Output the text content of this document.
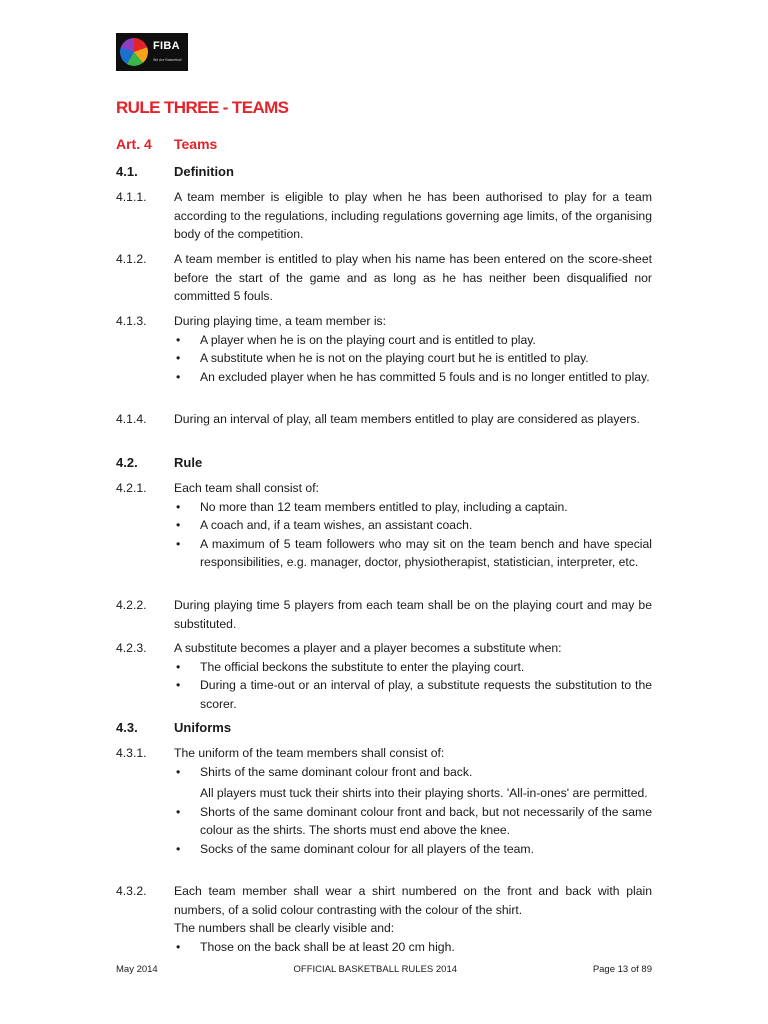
FIBA
We Are Basketball
RULE THREE - TEAMS
Art. 4 Teams
4.1.	Definition
4.1.1.	A team member is eligible to play when he has been authorised to play for a team according to the regulations, including regulations governing age limits, of the organising body of the competition.

4.1.2.	A team member is entitled to play when his name has been entered on the score-sheet before the start of the game and as long as he has neither been disqualified nor committed 5 fouls.

4.1.3.	During playing time, a team member is:

• A player when he is on the playing court and is entitled to play.
• A substitute when he is not on the playing court but he is entitled to play.
• An excluded player when he has committed 5 fouls and is no longer entitled to play.
4.1.4.	During an interval of play, all team members entitled to play are considered as players.

4.2.	Rule
4.2.1.	Each team shall consist of:

• No more than 12 team members entitled to play, including a captain.
• A coach and, if a team wishes, an assistant coach.
• A maximum of 5 team followers who may sit on the team bench and have special responsibilities, e.g. manager, doctor, physiotherapist, statistician, interpreter, etc.
4.2.2.	During playing time 5 players from each team shall be on the playing court and may be substituted.

4.2.3.	A substitute becomes a player and a player becomes a substitute when:

• The official beckons the substitute to enter the playing court.
• During a time-out or an interval of play, a substitute requests the substitution to the scorer.
4.3.	Uniforms
4.3.1.	The uniform of the team members shall consist of:

• Shirts of the same dominant colour front and back.

All players must tuck their shirts into their playing shorts. 'All-in-ones' are permitted.

• Shorts of the same dominant colour front and back, but not necessarily of the same colour as the shirts. The shorts must end above the knee.
• Socks of the same dominant colour for all players of the team.
4.3.2.	Each team member shall wear a shirt numbered on the front and back with plain numbers, of a solid colour contrasting with the colour of the shirt.

The numbers shall be clearly visible and:

• Those on the back shall be at least 20 cm high.
May 2014	OFFICIAL BASKETBALL RULES 2014	Page 13 of 89
